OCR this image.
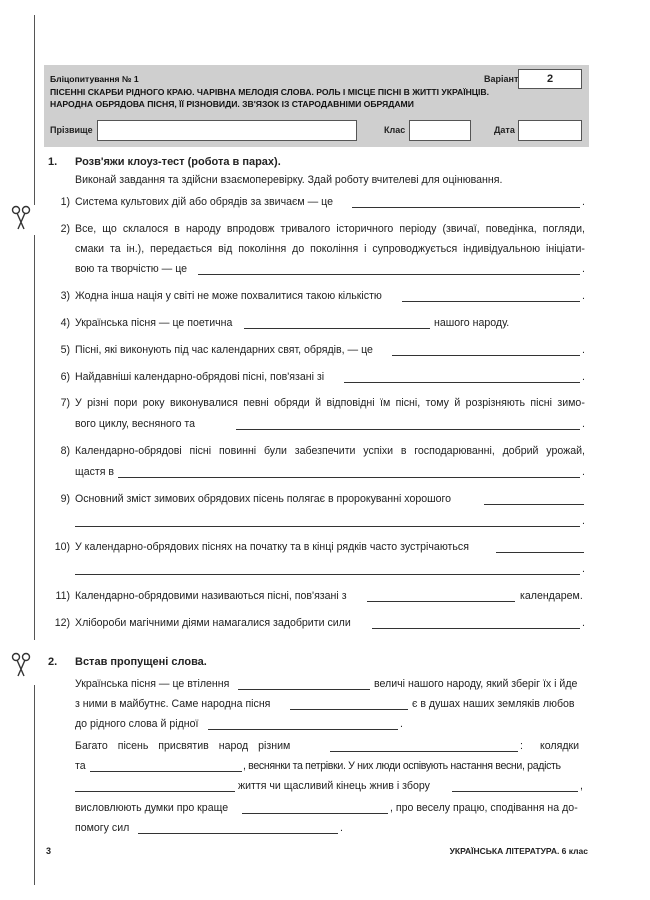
Бліцопитування № 1
ПІСЕННІ СКАРБИ РІДНОГО КРАЮ. ЧАРІВНА МЕЛОДІЯ СЛОВА. РОЛЬ І МІСЦЕ ПІСНІ В ЖИТТІ УКРАЇНЦІВ.
НАРОДНА ОБРЯДОВА ПІСНЯ, ЇЇ РІЗНОВИДИ. ЗВ'ЯЗОК ІЗ СТАРОДАВНІМИ ОБРЯДАМИ
Варіант	2
Прізвище	Клас	Дата
1. Розв'яжи клоуз-тест (робота в парах).
Виконай завдання та здійсни взаємоперевірку. Здай роботу вчителеві для оцінювання.
1) Система культових дій або обрядів за звичаєм — це	.
2) Все, що склалося в народу впродовж тривалого історичного періоду (звичаї, поведінка, погляди,
смаки та ін.), передається від покоління до покоління і супроводжується індивідуальною ініціати-
вою та творчістю — це	.
3) Жодна інша нація у світі не може похвалитися такою кількістю	.
4) Українська пісня — це поетична	нашого народу.
5) Пісні, які виконують під час календарних свят, обрядів, — це	.
6) Найдавніші календарно-обрядові пісні, пов'язані зі	.
7) У різні пори року виконувалися певні обряди й відповідні їм пісні, тому й розрізняють пісні зимо-
вого циклу, весняного та	.
8) Календарно-обрядові пісні повинні були забезпечити успіхи в господарюванні, добрий урожай,
щастя в	.
9) Основний зміст зимових обрядових пісень полягає в пророкуванні хорошого
.
10) У календарно-обрядових піснях на початку та в кінці рядків часто зустрічаються
.
11) Календарно-обрядовими називаються пісні, пов'язані з	календарем.
12) Хлібороби магічними діями намагалися задобрити сили	.
2. Встав пропущені слова.
Українська пісня — це втілення	величі нашого народу, який зберіг їх і йде
з ними в майбутнє. Саме народна пісня	є в душах наших земляків любов
до рідного слова й рідної	.
Багато пісень присвятив народ різним	: колядки
та	, веснянки та петрівки. У них люди оспівують настання весни, радість
життя чи щасливий кінець жнив і збору	,
висловлюють думки про краще	, про веселу працю, сподівання на до-
помогу сил	.
3	УКРАЇНСЬКА ЛІТЕРАТУРА. 6 клас
